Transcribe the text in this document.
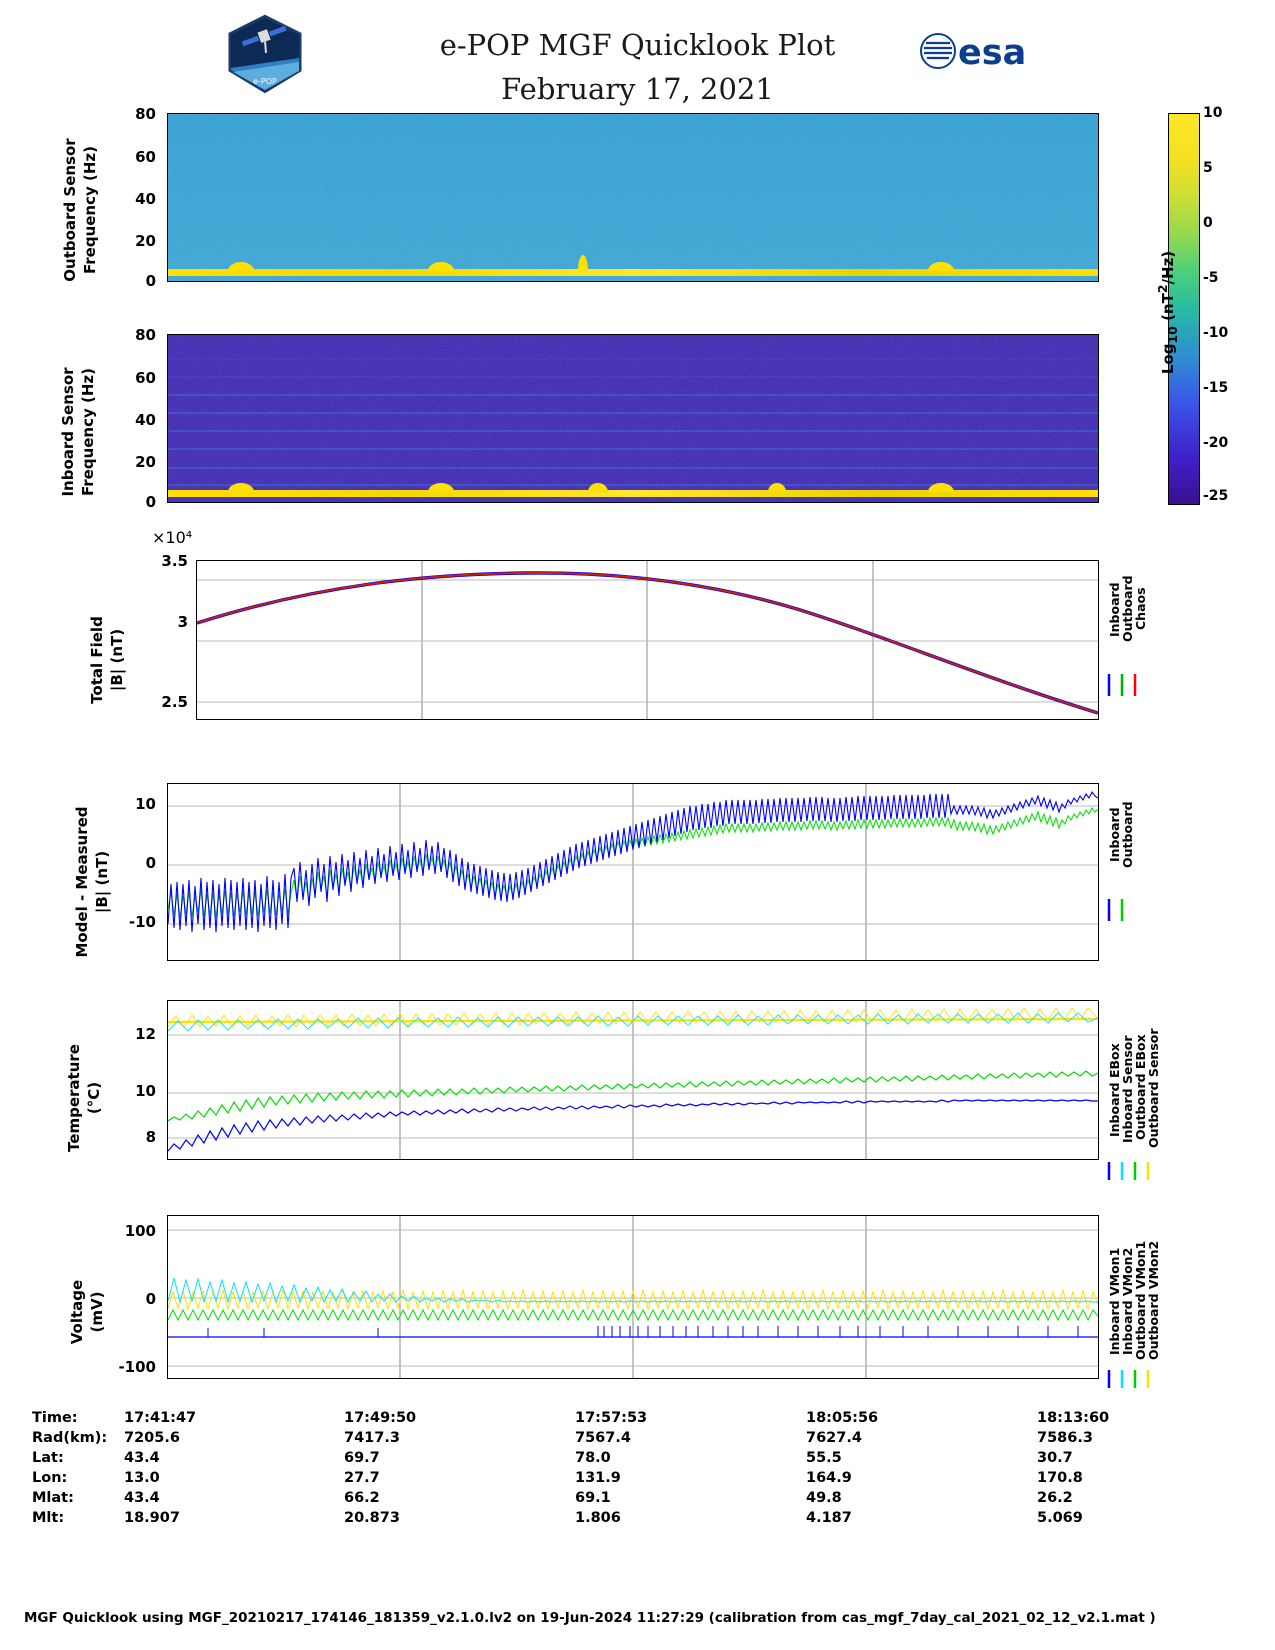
e-POP
e-POP MGF Quicklook Plot
February 17, 2021
esa
10
5
0
-5
-10
-15
-20
-25
Log$_{10}$ $(nT^2/Hz)$
80
60
40
20
0
Outboard Sensor Frequency (Hz)
80
60
40
20
0
Inboard Sensor Frequency (Hz)
3.5
3
2.5
×10⁴
Total Field |B| (nT)
Inboard
Outboard
Chaos
10
0
-10
Model - Measured |B| (nT)
Inboard
Outboard
12
10
8
Temperature (°C)	Inboard EBox
Inboard Sensor
Outboard EBox
Outboard Sensor
100
0
-100
Voltage (mV)	Inboard VMon1
Inboard VMon2
Outboard VMon1
Outboard VMon2
Time:	17:41:47	17:49:50	17:57:53	18:05:56	18:13:60
Rad(km):	7205.6	7417.3	7567.4	7627.4	7586.3
Lat:	43.4	69.7	78.0	55.5	30.7
Lon:	13.0	27.7	131.9	164.9	170.8
Mlat:	43.4	66.2	69.1	49.8	26.2
Mlt:	18.907	20.873	1.806	4.187	5.069
MGF Quicklook using MGF_20210217_174146_181359_v2.1.0.lv2 on 19-Jun-2024 11:27:29 (calibration from cas_mgf_7day_cal_2021_02_12_v2.1.mat )
